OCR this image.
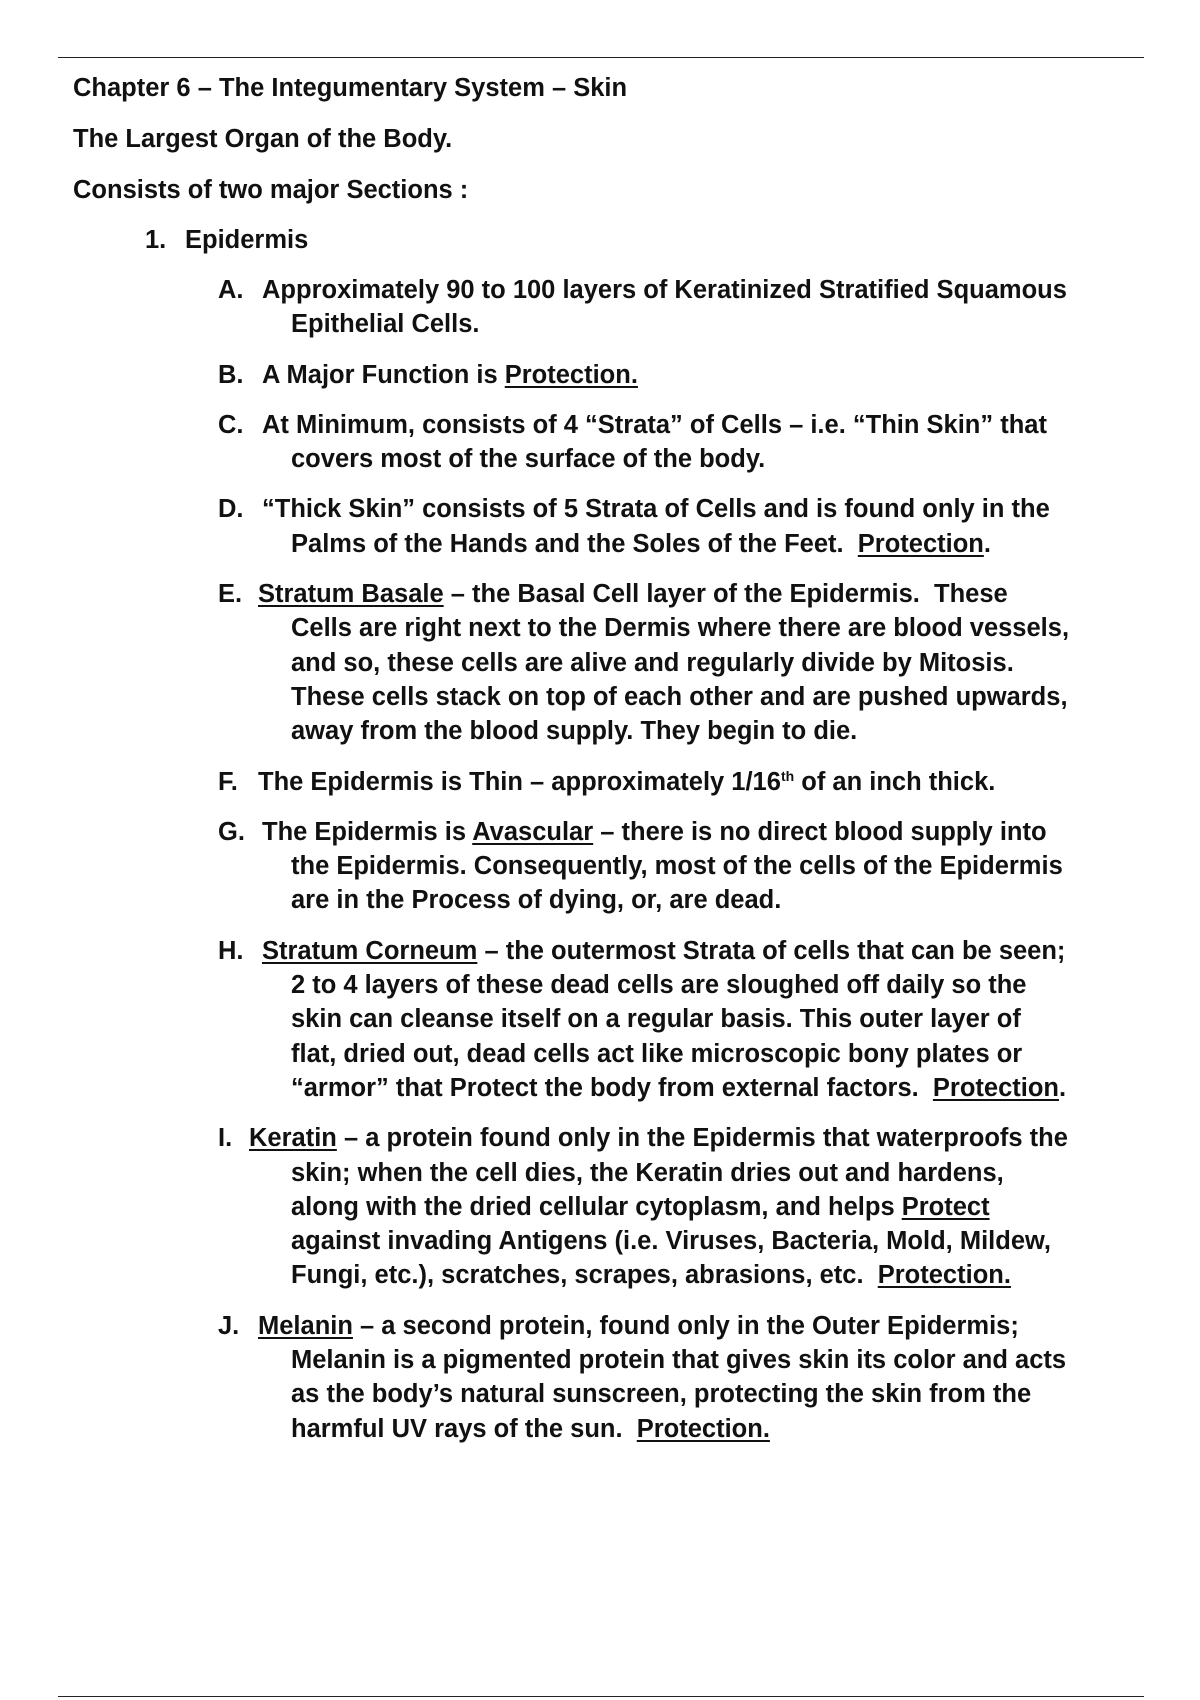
Chapter 6 – The Integumentary System – Skin
The Largest Organ of the Body.
Consists of two major Sections :
1. Epidermis
A. Approximately 90 to 100 layers of Keratinized Stratified Squamous
Epithelial Cells.
B. A Major Function is Protection.
C. At Minimum, consists of 4 “Strata” of Cells – i.e. “Thin Skin” that
covers most of the surface of the body.
D. “Thick Skin” consists of 5 Strata of Cells and is found only in the
Palms of the Hands and the Soles of the Feet.  Protection.
E. Stratum Basale – the Basal Cell layer of the Epidermis.  These
Cells are right next to the Dermis where there are blood vessels,
and so, these cells are alive and regularly divide by Mitosis.
These cells stack on top of each other and are pushed upwards,
away from the blood supply. They begin to die.
F. The Epidermis is Thin – approximately 1/16th of an inch thick.
G. The Epidermis is Avascular – there is no direct blood supply into
the Epidermis. Consequently, most of the cells of the Epidermis
are in the Process of dying, or, are dead.
H. Stratum Corneum – the outermost Strata of cells that can be seen;
2 to 4 layers of these dead cells are sloughed off daily so the
skin can cleanse itself on a regular basis. This outer layer of
flat, dried out, dead cells act like microscopic bony plates or
“armor” that Protect the body from external factors.  Protection.
I. Keratin – a protein found only in the Epidermis that waterproofs the
skin; when the cell dies, the Keratin dries out and hardens,
along with the dried cellular cytoplasm, and helps Protect
against invading Antigens (i.e. Viruses, Bacteria, Mold, Mildew,
Fungi, etc.), scratches, scrapes, abrasions, etc.  Protection.
J. Melanin – a second protein, found only in the Outer Epidermis;
Melanin is a pigmented protein that gives skin its color and acts
as the body’s natural sunscreen, protecting the skin from the
harmful UV rays of the sun.  Protection.
